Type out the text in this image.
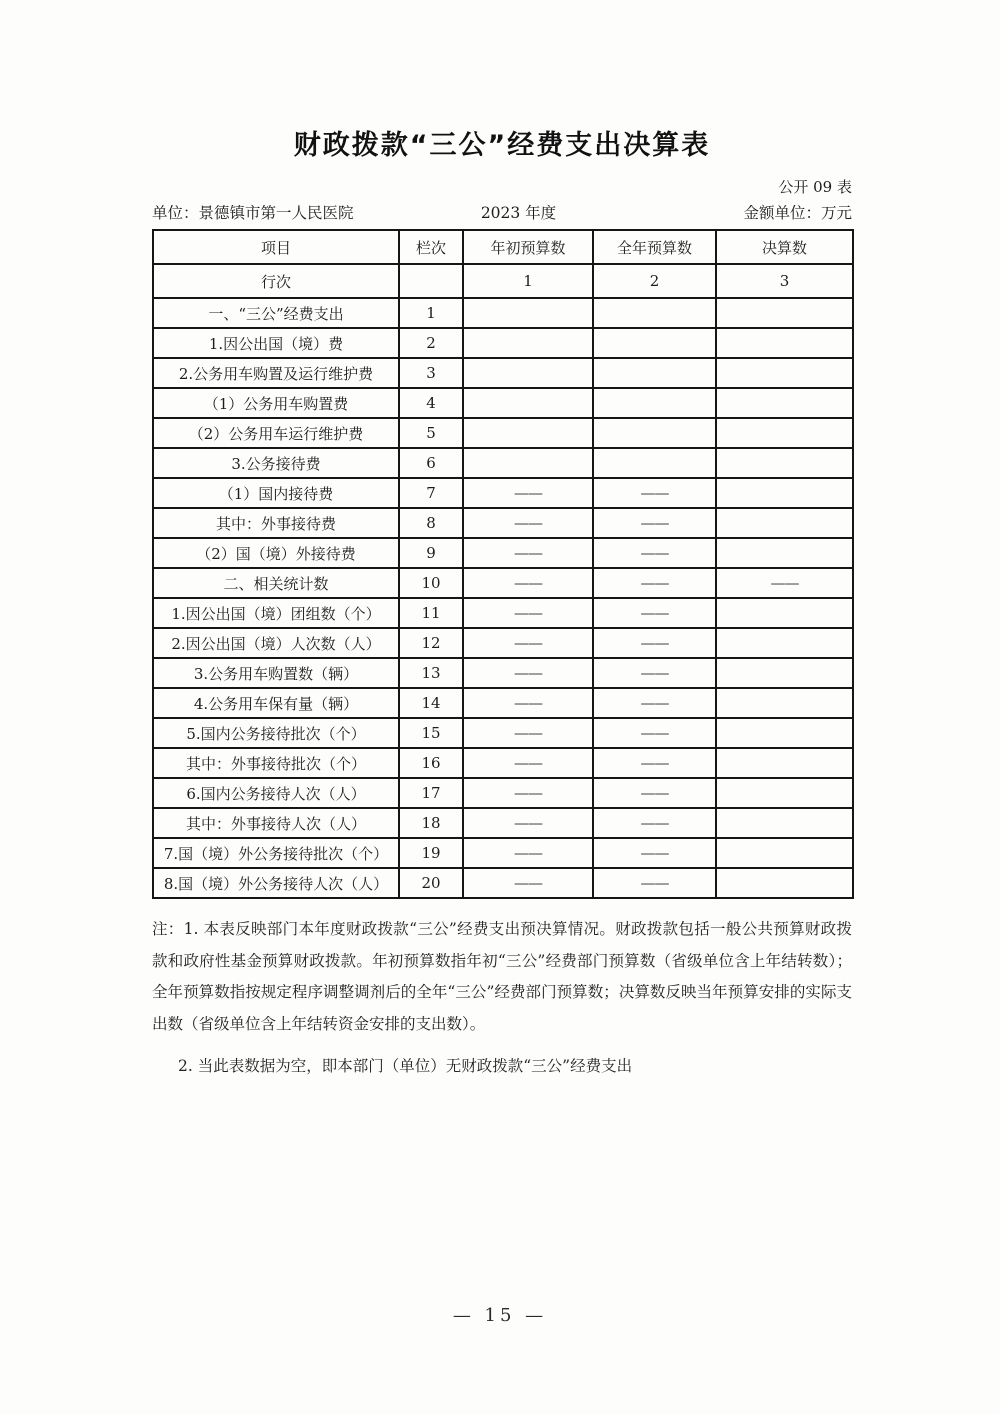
财政拨款“三公”经费支出决算表
公开 09 表
单位：景德镇市第一人民医院	2023 年度	金额单位：万元
项目	栏次	年初预算数	全年预算数	决算数
行次		1	2	3
一、“三公”经费支出	1			
1.因公出国（境）费	2			
2.公务用车购置及运行维护费	3			
（1）公务用车购置费	4			
（2）公务用车运行维护费	5			
3.公务接待费	6			
（1）国内接待费	7	——	——	
其中：外事接待费	8	——	——	
（2）国（境）外接待费	9	——	——	
二、相关统计数	10	——	——	——
1.因公出国（境）团组数（个）	11	——	——	
2.因公出国（境）人次数（人）	12	——	——	
3.公务用车购置数（辆）	13	——	——	
4.公务用车保有量（辆）	14	——	——	
5.国内公务接待批次（个）	15	——	——	
其中：外事接待批次（个）	16	——	——	
6.国内公务接待人次（人）	17	——	——	
其中：外事接待人次（人）	18	——	——	
7.国（境）外公务接待批次（个）	19	——	——	
8.国（境）外公务接待人次（人）	20	——	——	

注：1. 本表反映部门本年度财政拨款“三公”经费支出预决算情况。财政拨款包括一般公共预算财政拨款和政府性基金预算财政拨款。年初预算数指年初“三公”经费部门预算数（省级单位含上年结转数）；全年预算数指按规定程序调整调剂后的全年“三公”经费部门预算数；决算数反映当年预算安排的实际支出数（省级单位含上年结转资金安排的支出数）。

2. 当此表数据为空，即本部门（单位）无财政拨款“三公”经费支出

— 15 —
